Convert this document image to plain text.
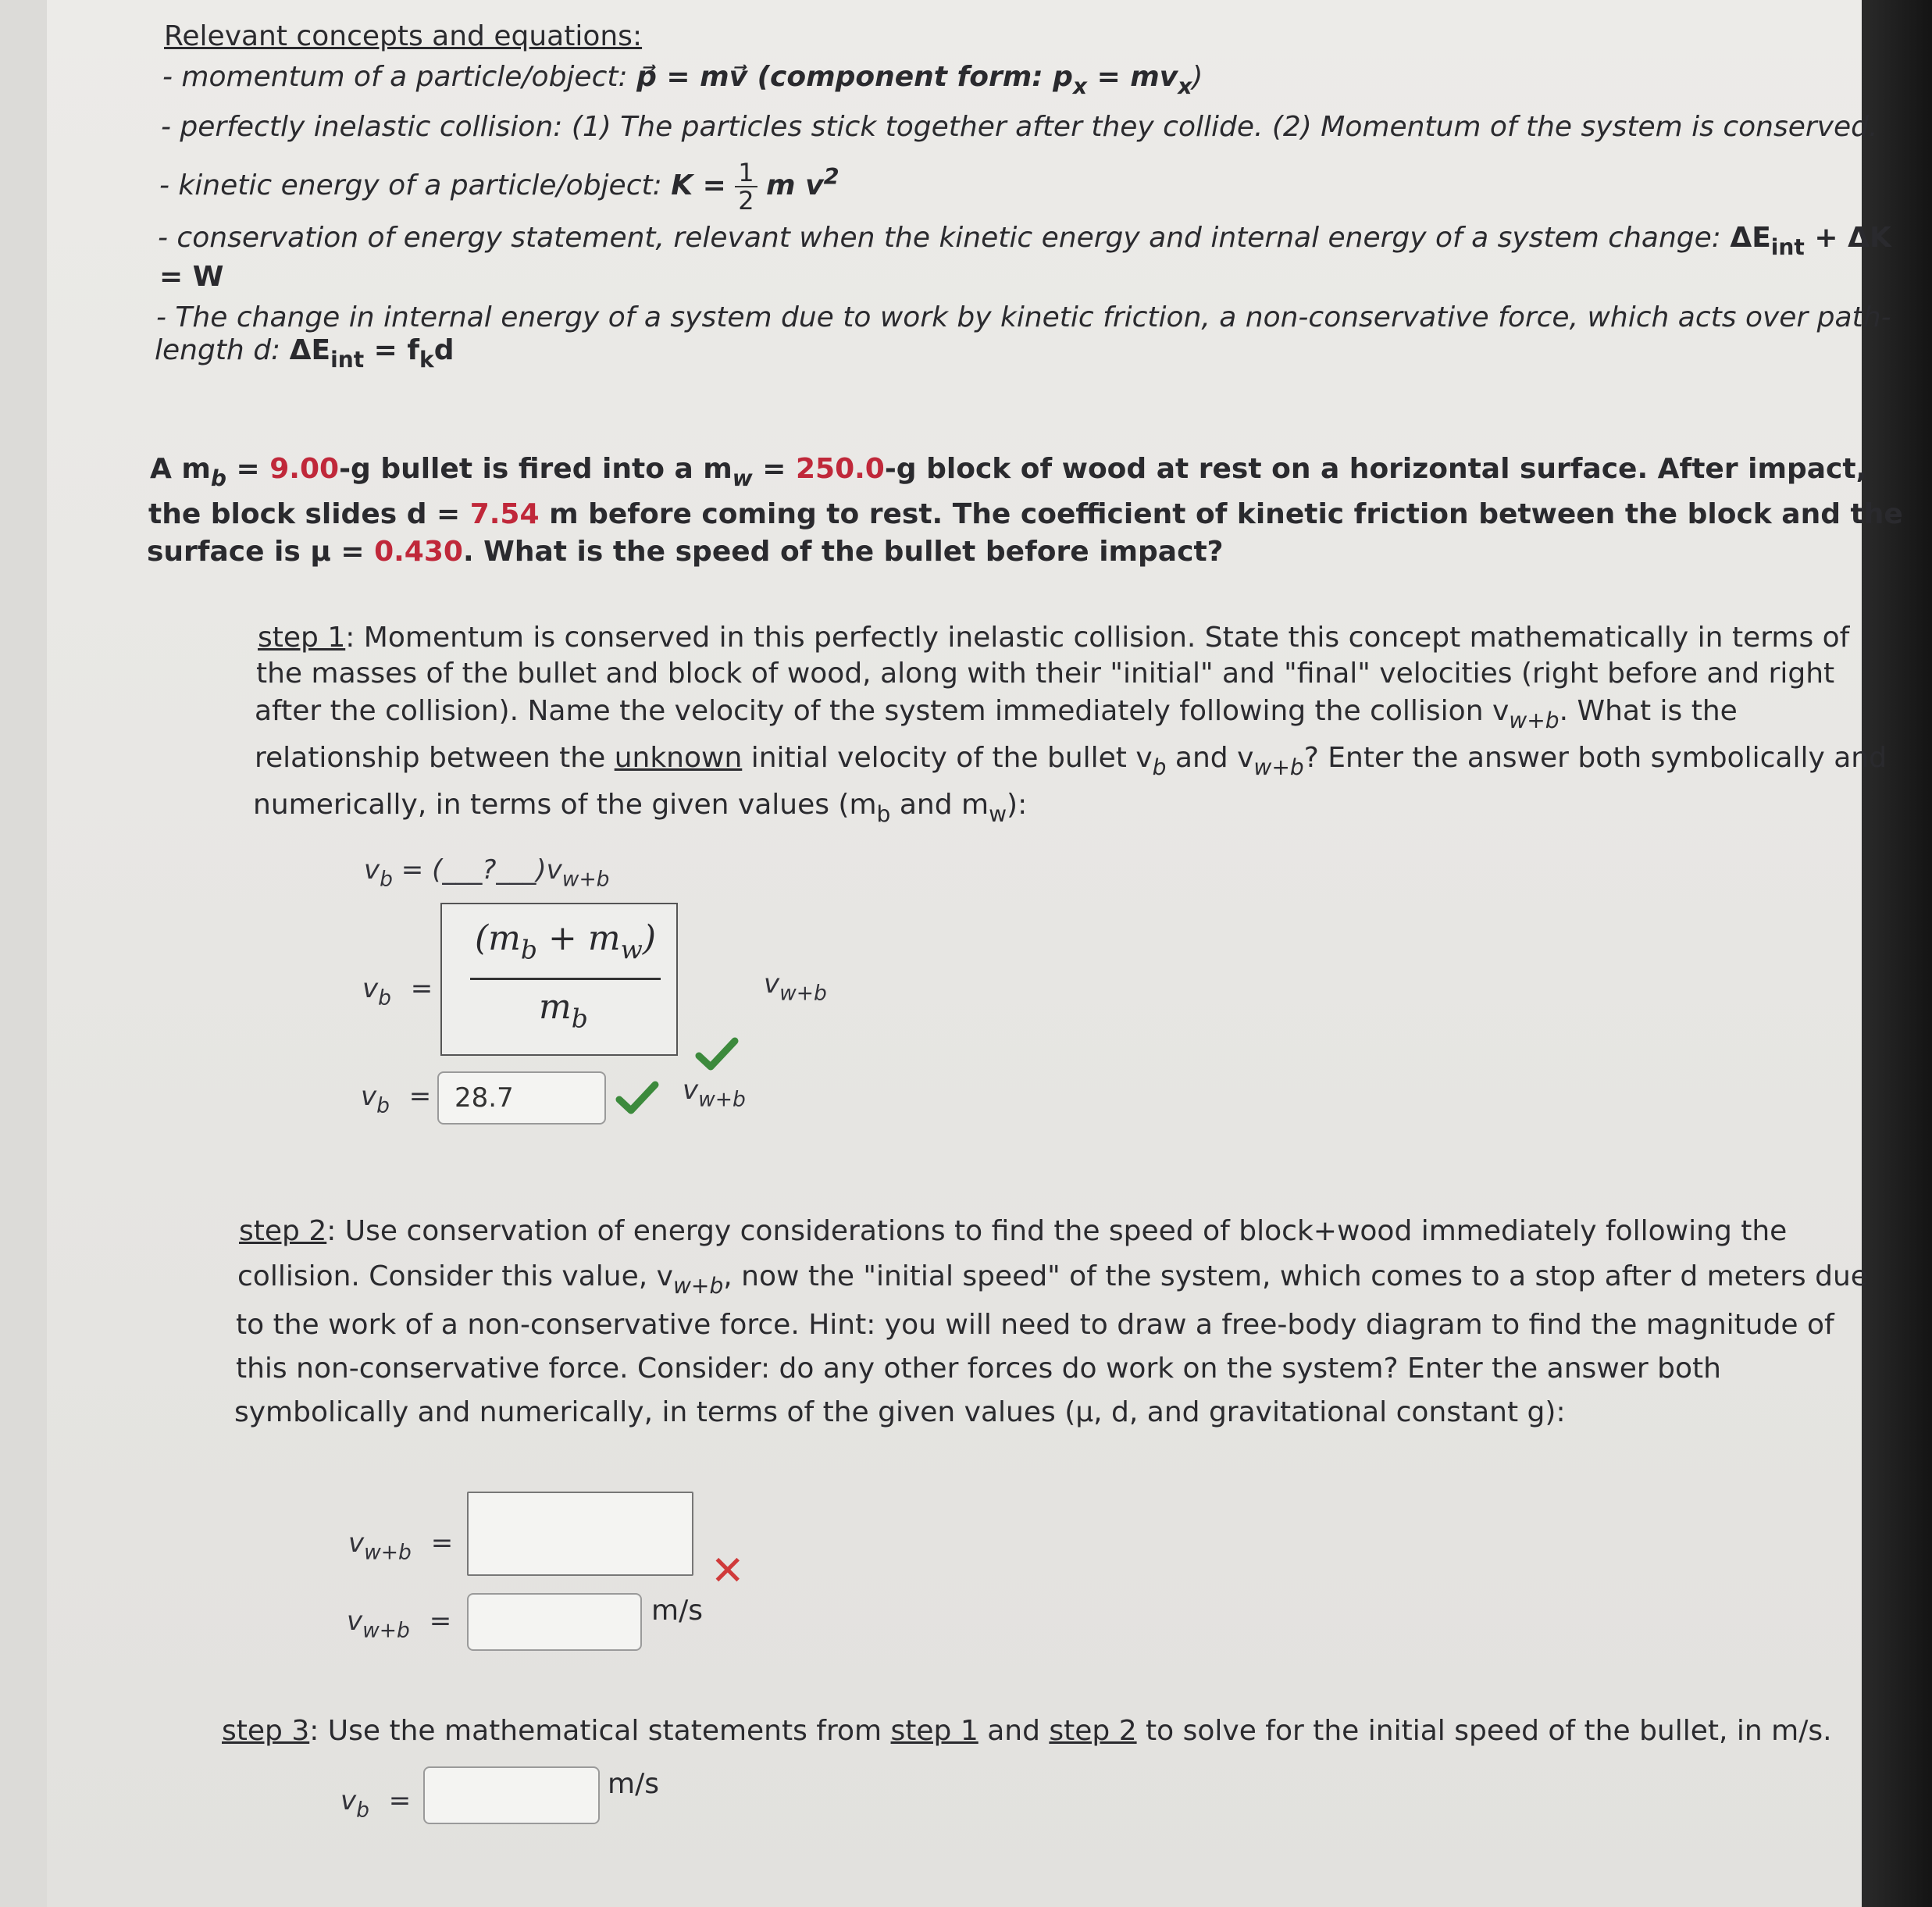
Relevant concepts and equations:
- momentum of a particle/object: p⃗ = mv⃗ (component form: $p_x = mv_x$)
- perfectly inelastic collision: (1) The particles stick together after they collide. (2) Momentum of the system is conserved.
- kinetic energy of a particle/object: $K = \frac{1}{2}$ m $v^2$
- conservation of energy statement, relevant when the kinetic energy and internal energy of a system change: $\Delta E_{int} + \Delta K$
= W
- The change in internal energy of a system due to work by kinetic friction, a non-conservative force, which acts over path-
length d: $\Delta E_{int} = f_kd$
A $m_b = 9.00-g$ bullet is fired into a $m_w = 250.0-g$ block of wood at rest on a horizontal surface. After impact,
the block slides d = 7.54 m before coming to rest. The coefficient of kinetic friction between the block and the
surface is μ = 0.430. What is the speed of the bullet before impact?
step 1: Momentum is conserved in this perfectly inelastic collision. State this concept mathematically in terms of
the masses of the bullet and block of wood, along with their "initial" and "final" velocities (right before and right
after the collision). Name the velocity of the system immediately following the collision $v_{w+b}$. What is the
relationship between the unknown initial velocity of the bullet $v_b$ and $v_{w+b}$? Enter the answer both symbolically and
numerically, in terms of the given values ($m_b$ and $m_w$):
$v_b$ = $(\_\_\_?\_\_\_)v_{w+b}$
$v_b$ =
$(m_b + m_w)$
$m_b$
$v_{w+b}$
$v_b = 28.7$	$v_{w+b}$
step 2: Use conservation of energy considerations to find the speed of block+wood immediately following the
collision. Consider this value, $v_{w+b}$, now the "initial speed" of the system, which comes to a stop after d meters due
to the work of a non-conservative force. Hint: you will need to draw a free-body diagram to find the magnitude of
this non-conservative force. Consider: do any other forces do work on the system? Enter the answer both
symbolically and numerically, in terms of the given values (μ, d, and gravitational constant g):
$v_{w+b}$ =
✕
$v_{w+b}$ =	m/s
step 3: Use the mathematical statements from step 1 and step 2 to solve for the initial speed of the bullet, in m/s.
$v_b$ =
m/s
